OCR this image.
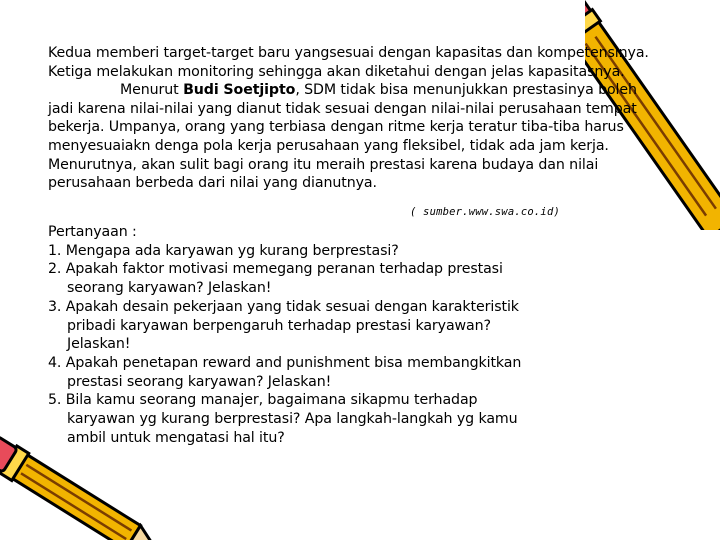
Kedua memberi target-target baru yangsesuai dengan kapasitas dan kompetensinya.
Ketiga melakukan monitoring sehingga akan diketahui dengan jelas kapasitasnya.
Menurut Budi Soetjipto, SDM tidak bisa menunjukkan prestasinya boleh
jadi karena nilai-nilai yang dianut tidak sesuai dengan nilai-nilai perusahaan tempat
bekerja. Umpanya, orang yang terbiasa dengan ritme kerja teratur tiba-tiba harus
menyesuaiakn denga pola kerja perusahaan yang fleksibel, tidak ada jam kerja.
Menurutnya, akan sulit bagi orang itu meraih prestasi karena budaya dan nilai
perusahaan berbeda dari nilai yang dianutnya.
( sumber.www.swa.co.id)
Pertanyaan :
1. Mengapa ada karyawan yg kurang berprestasi?
2. Apakah faktor motivasi memegang peranan terhadap prestasi
seorang karyawan? Jelaskan!
3. Apakah desain pekerjaan yang tidak sesuai dengan karakteristik
pribadi karyawan berpengaruh terhadap prestasi karyawan?
Jelaskan!
4. Apakah penetapan reward and punishment bisa membangkitkan
prestasi seorang karyawan? Jelaskan!
5. Bila kamu seorang manajer, bagaimana sikapmu terhadap
karyawan yg kurang berprestasi? Apa langkah-langkah yg kamu
ambil untuk mengatasi hal itu?
